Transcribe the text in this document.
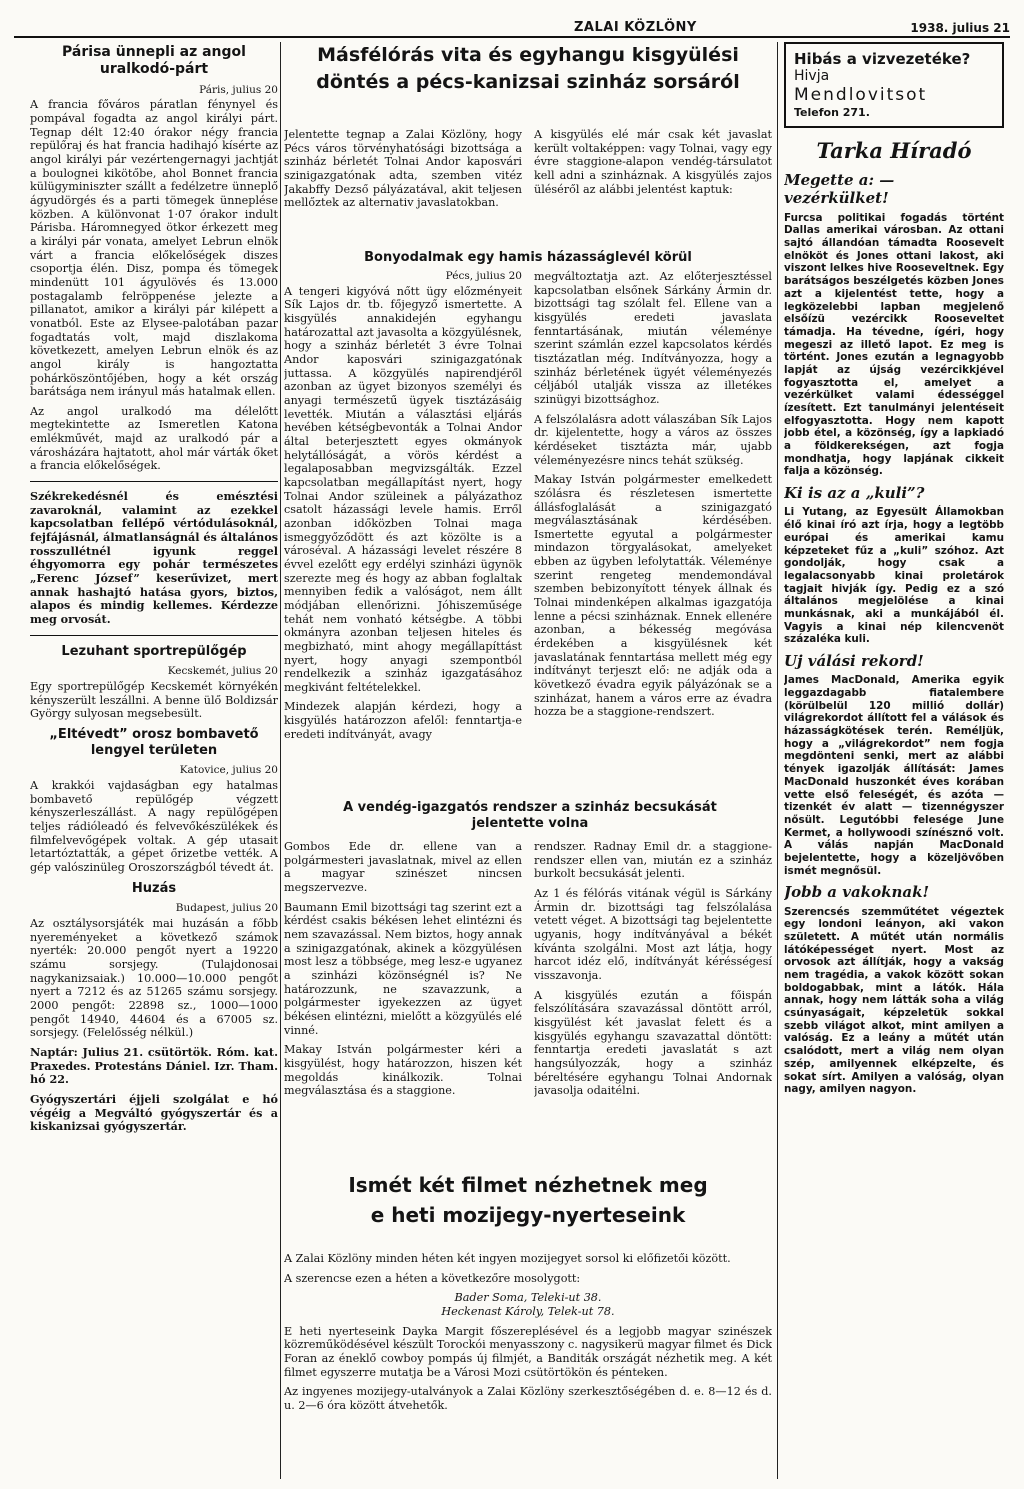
ZALAI KÖZLÖNY	1938. julius 21
Párisa ünnepli az angol uralkodó-párt

Páris, julius 20

A francia főváros páratlan fénynyel és pompával fogadta az angol királyi párt. Tegnap délt 12:40 órakor négy francia repülőraj és hat francia hadihajó kísérte az angol királyi pár vezértengernagyi jachtját a boulognei kikötőbe, ahol Bonnet francia külügyminiszter szállt a fedélzetre ünneplő ágyudörgés és a parti tömegek ünneplése közben. A különvonat 1·07 órakor indult Párisba. Háromnegyed ötkor érkezett meg a királyi pár vonata, amelyet Lebrun elnök várt a francia előkelőségek diszes csoportja élén. Disz, pompa és tömegek mindenütt 101 ágyulövés és 13.000 postagalamb felröppenése jelezte a pillanatot, amikor a királyi pár kilépett a vonatból. Este az Elysee-palotában pazar fogadtatás volt, majd diszlakoma következett, amelyen Lebrun elnök és az angol király is hangoztatta pohárköszöntőjében, hogy a két ország barátsága nem irányul más hatalmak ellen.

Az angol uralkodó ma délelőtt megtekintette az Ismeretlen Katona emlékművét, majd az uralkodó pár a városházára hajtatott, ahol már várták őket a francia előkelőségek.

Székrekedésnél és emésztési zavaroknál, valamint az ezekkel kapcsolatban fellépő vértódulásoknál, fejfájásnál, álmatlanságnál és általános rosszullétnél igyunk reggel éhgyomorra egy pohár természetes „Ferenc József” keserűvizet, mert annak hashajtó hatása gyors, biztos, alapos és mindig kellemes. Kérdezze meg orvosát.

Lezuhant sportrepülőgép

Kecskemét, julius 20

Egy sportrepülőgép Kecskemét környékén kényszerült leszállni. A benne ülő Boldizsár György sulyosan megsebesült.

„Eltévedt” orosz bombavető lengyel területen

Katovice, julius 20

A krakkói vajdaságban egy hatalmas bombavető repülőgép végzett kényszerleszállást. A nagy repülőgépen teljes rádióleadó és felvevőkészülékek és filmfelvevőgépek voltak. A gép utasait letartóztatták, a gépet őrizetbe vették. A gép valószinüleg Oroszországból tévedt át.

Huzás

Budapest, julius 20

Az osztálysorsjáték mai huzásán a főbb nyereményeket a következő számok nyerték: 20.000 pengőt nyert a 19220 számu sorsjegy. (Tulajdonosai nagykanizsaiak.) 10.000—10.000 pengőt nyert a 7212 és az 51265 számu sorsjegy. 2000 pengőt: 22898 sz., 1000—1000 pengőt 14940, 44604 és a 67005 sz. sorsjegy. (Felelősség nélkül.)

Naptár: Julius 21. csütörtök. Róm. kat. Praxedes. Protestáns Dániel. Izr. Tham. hó 22.

Gyógyszertári éjjeli szolgálat e hó végéig a Megváltó gyógyszertár és a kiskanizsai gyógyszertár.

Másfélórás vita és egyhangu kisgyülési döntés a pécs-kanizsai szinház sorsáról

Jelentette tegnap a Zalai Közlöny, hogy Pécs város törvényhatósági bizottsága a szinház bérletét Tolnai Andor kaposvári szinigazgatónak adta, szemben vitéz Jakabffy Dezső pályázatával, akit teljesen mellőztek az alternativ javaslatokban.

A kisgyülés elé már csak két javaslat került voltaképpen: vagy Tolnai, vagy egy évre staggione-alapon vendég-társulatot kell adni a szinháznak. A kisgyülés zajos üléséről az alábbi jelentést kaptuk:

Bonyodalmak egy hamis házasságlevél körül

Pécs, julius 20

A tengeri kigyóvá nőtt ügy előzményeit Sík Lajos dr. tb. főjegyző ismertette. A kisgyülés annakidején egyhangu határozattal azt javasolta a közgyülésnek, hogy a szinház bérletét 3 évre Tolnai Andor kaposvári szinigazgatónak juttassa. A közgyülés napirendjéről azonban az ügyet bizonyos személyi és anyagi természetű ügyek tisztázásáig levették. Miután a választási eljárás hevében kétségbevonták a Tolnai Andor által beterjesztett egyes okmányok helytállóságát, a vörös kérdést a legalaposabban megvizsgálták. Ezzel kapcsolatban megállapítást nyert, hogy Tolnai Andor szüleinek a pályázathoz csatolt házassági levele hamis. Erről azonban időközben Tolnai maga ismeggyőződött és azt közölte is a városéval. A házassági levelet részére 8 évvel ezelőtt egy erdélyi szinházi ügynök szerezte meg és hogy az abban foglaltak mennyiben fedik a valóságot, nem állt módjában ellenőrizni. Jóhiszeműsége tehát nem vonható kétségbe. A többi okmányra azonban teljesen hiteles és megbizható, mint ahogy megállapíttást nyert, hogy anyagi szempontból rendelkezik a szinház igazgatásához megkivánt feltételekkel.

Mindezek alapján kérdezi, hogy a kisgyülés határozzon afelől: fenntartja-e eredeti indítványát, avagy

megváltoztatja azt. Az előterjesztéssel kapcsolatban elsőnek Sárkány Ármin dr. bizottsági tag szólalt fel. Ellene van a kisgyülés eredeti javaslata fenntartásának, miután véleménye szerint számlán ezzel kapcsolatos kérdés tisztázatlan még. Indítványozza, hogy a szinház bérletének ügyét véleményezés céljából utalják vissza az illetékes szinügyi bizottsághoz.

A felszólalásra adott válaszában Sík Lajos dr. kijelentette, hogy a város az összes kérdéseket tisztázta már, ujabb véleményezésre nincs tehát szükség.

Makay István polgármester emelkedett szólásra és részletesen ismertette állásfoglalását a szinigazgató megválasztásának kérdésében. Ismertette egyutal a polgármester mindazon törgyalásokat, amelyeket ebben az ügyben lefolytatták. Véleménye szerint rengeteg mendemondával szemben bebizonyított tények állnak és Tolnai mindenképen alkalmas igazgatója lenne a pécsi szinháznak. Ennek ellenére azonban, a békesség megóvása érdekében a kisgyülésnek két javaslatának fenntartása mellett még egy indítványt terjeszt elő: ne adják oda a következő évadra egyik pályázónak se a szinházat, hanem a város erre az évadra hozza be a staggione-rendszert.

A vendég-igazgatós rendszer a szinház becsukását jelentette volna

Gombos Ede dr. ellene van a polgármesteri javaslatnak, mivel az ellen a magyar szinészet nincsen megszervezve.

Baumann Emil bizottsági tag szerint ezt a kérdést csakis békésen lehet elintézni és nem szavazással. Nem biztos, hogy annak a szinigazgatónak, akinek a közgyülésen most lesz a többsége, meg lesz-e ugyanez a szinházi közönségnél is? Ne határozzunk, ne szavazzunk, a polgármester igyekezzen az ügyet békésen elintézni, mielőtt a közgyülés elé vinné.

Makay István polgármester kéri a kisgyülést, hogy határozzon, hiszen két megoldás kinálkozik. Tolnai megválasztása és a staggione.

rendszer. Radnay Emil dr. a staggione-rendszer ellen van, miután ez a szinház burkolt becsukását jelenti.

Az 1 és félórás vitának végül is Sárkány Ármin dr. bizottsági tag felszólalása vetett véget. A bizottsági tag bejelentette ugyanis, hogy indítványával a békét kívánta szolgálni. Most azt látja, hogy harcot idéz elő, indítványát kérésségesí visszavonja.

A kisgyülés ezután a főispán felszólítására szavazással döntött arról, kisgyülést két javaslat felett és a kisgyülés egyhangu szavazattal döntött: fenntartja eredeti javaslatát s azt hangsúlyozzák, hogy a szinház béreltésére egyhangu Tolnai Andornak javasolja odaitélni.

Ismét két filmet nézhetnek meg e heti mozijegy-nyerteseink

A Zalai Közlöny minden héten két ingyen mozijegyet sorsol ki előfizetői között.

A szerencse ezen a héten a következőre mosolygott:

Bader Soma, Teleki-ut 38.

Heckenast Károly, Telek-ut 78.

E heti nyerteseink Dayka Margit főszereplésével és a legjobb magyar szinészek közreműködésével készült Torockói menyasszony c. nagysikerü magyar filmet és Dick Foran az éneklő cowboy pompás új filmjét, a Banditák országát nézhetik meg. A két filmet egyszerre mutatja be a Városi Mozi csütörtökön és pénteken.

Az ingyenes mozijegy-utalványok a Zalai Közlöny szerkesztőségében d. e. 8—12 és d. u. 2—6 óra között átvehetők.

Hibás a vizvezetéke?
Hivja
Mendlovitsot
Telefon 271.
Tarka Híradó
Megette a: — vezérkülket!

Furcsa politikai fogadás történt Dallas amerikai városban. Az ottani sajtó állandóan támadta Roosevelt elnököt és Jones ottani lakost, aki viszont lelkes hive Rooseveltnek. Egy barátságos beszélgetés közben Jones azt a kijelentést tette, hogy a legközelebbi lapban megjelenő elsőízü vezércikk Rooseveltet támadja. Ha tévedne, ígéri, hogy megeszi az illető lapot. Ez meg is történt. Jones ezután a legnagyobb lapját az újság vezércikkjével fogyasztotta el, amelyet a vezérkülket valami édességgel ízesített. Ezt tanulmányi jelentéseit elfogyasztotta. Hogy nem kapott jobb étel, a közönség, így a lapkiadó a földkerekségen, azt fogja mondhatja, hogy lapjának cikkeit falja a közönség.

Ki is az a „kuli”?

Li Yutang, az Egyesült Államokban élő kinai író azt írja, hogy a legtöbb európai és amerikai kamu képzeteket fűz a „kuli” szóhoz. Azt gondolják, hogy csak a legalacsonyabb kinai proletárok tagjait hivják így. Pedig ez a szó általános megjelölése a kinai munkásnak, aki a munkájából él. Vagyis a kinai nép kilencvenöt százaléka kuli.

Uj válási rekord!

James MacDonald, Amerika egyik leggazdagabb fiatalembere (körülbelül 120 millió dollár) világrekordot állított fel a válások és házasságkötések terén. Reméljük, hogy a „világrekordot” nem fogja megdönteni senki, mert az alábbi tények igazolják állítását: James MacDonald huszonkét éves korában vette első feleségét, és azóta — tizenkét év alatt — tizennégyszer nősült. Legutóbbi felesége June Kermet, a hollywoodi színésznő volt. A válás napján MacDonald bejelentette, hogy a közeljövőben ismét megnősül.

Jobb a vakoknak!

Szerencsés szemműtétet végeztek egy londoni leányon, aki vakon született. A műtét után normális látóképességet nyert. Most az orvosok azt állítják, hogy a vakság nem tragédia, a vakok között sokan boldogabbak, mint a látók. Hála annak, hogy nem látták soha a világ csúnyaságait, képzeletük sokkal szebb világot alkot, mint amilyen a valóság. Ez a leány a műtét után csalódott, mert a világ nem olyan szép, amilyennek elképzelte, és sokat sírt. Amilyen a valóság, olyan nagy, amilyen nagyon.
